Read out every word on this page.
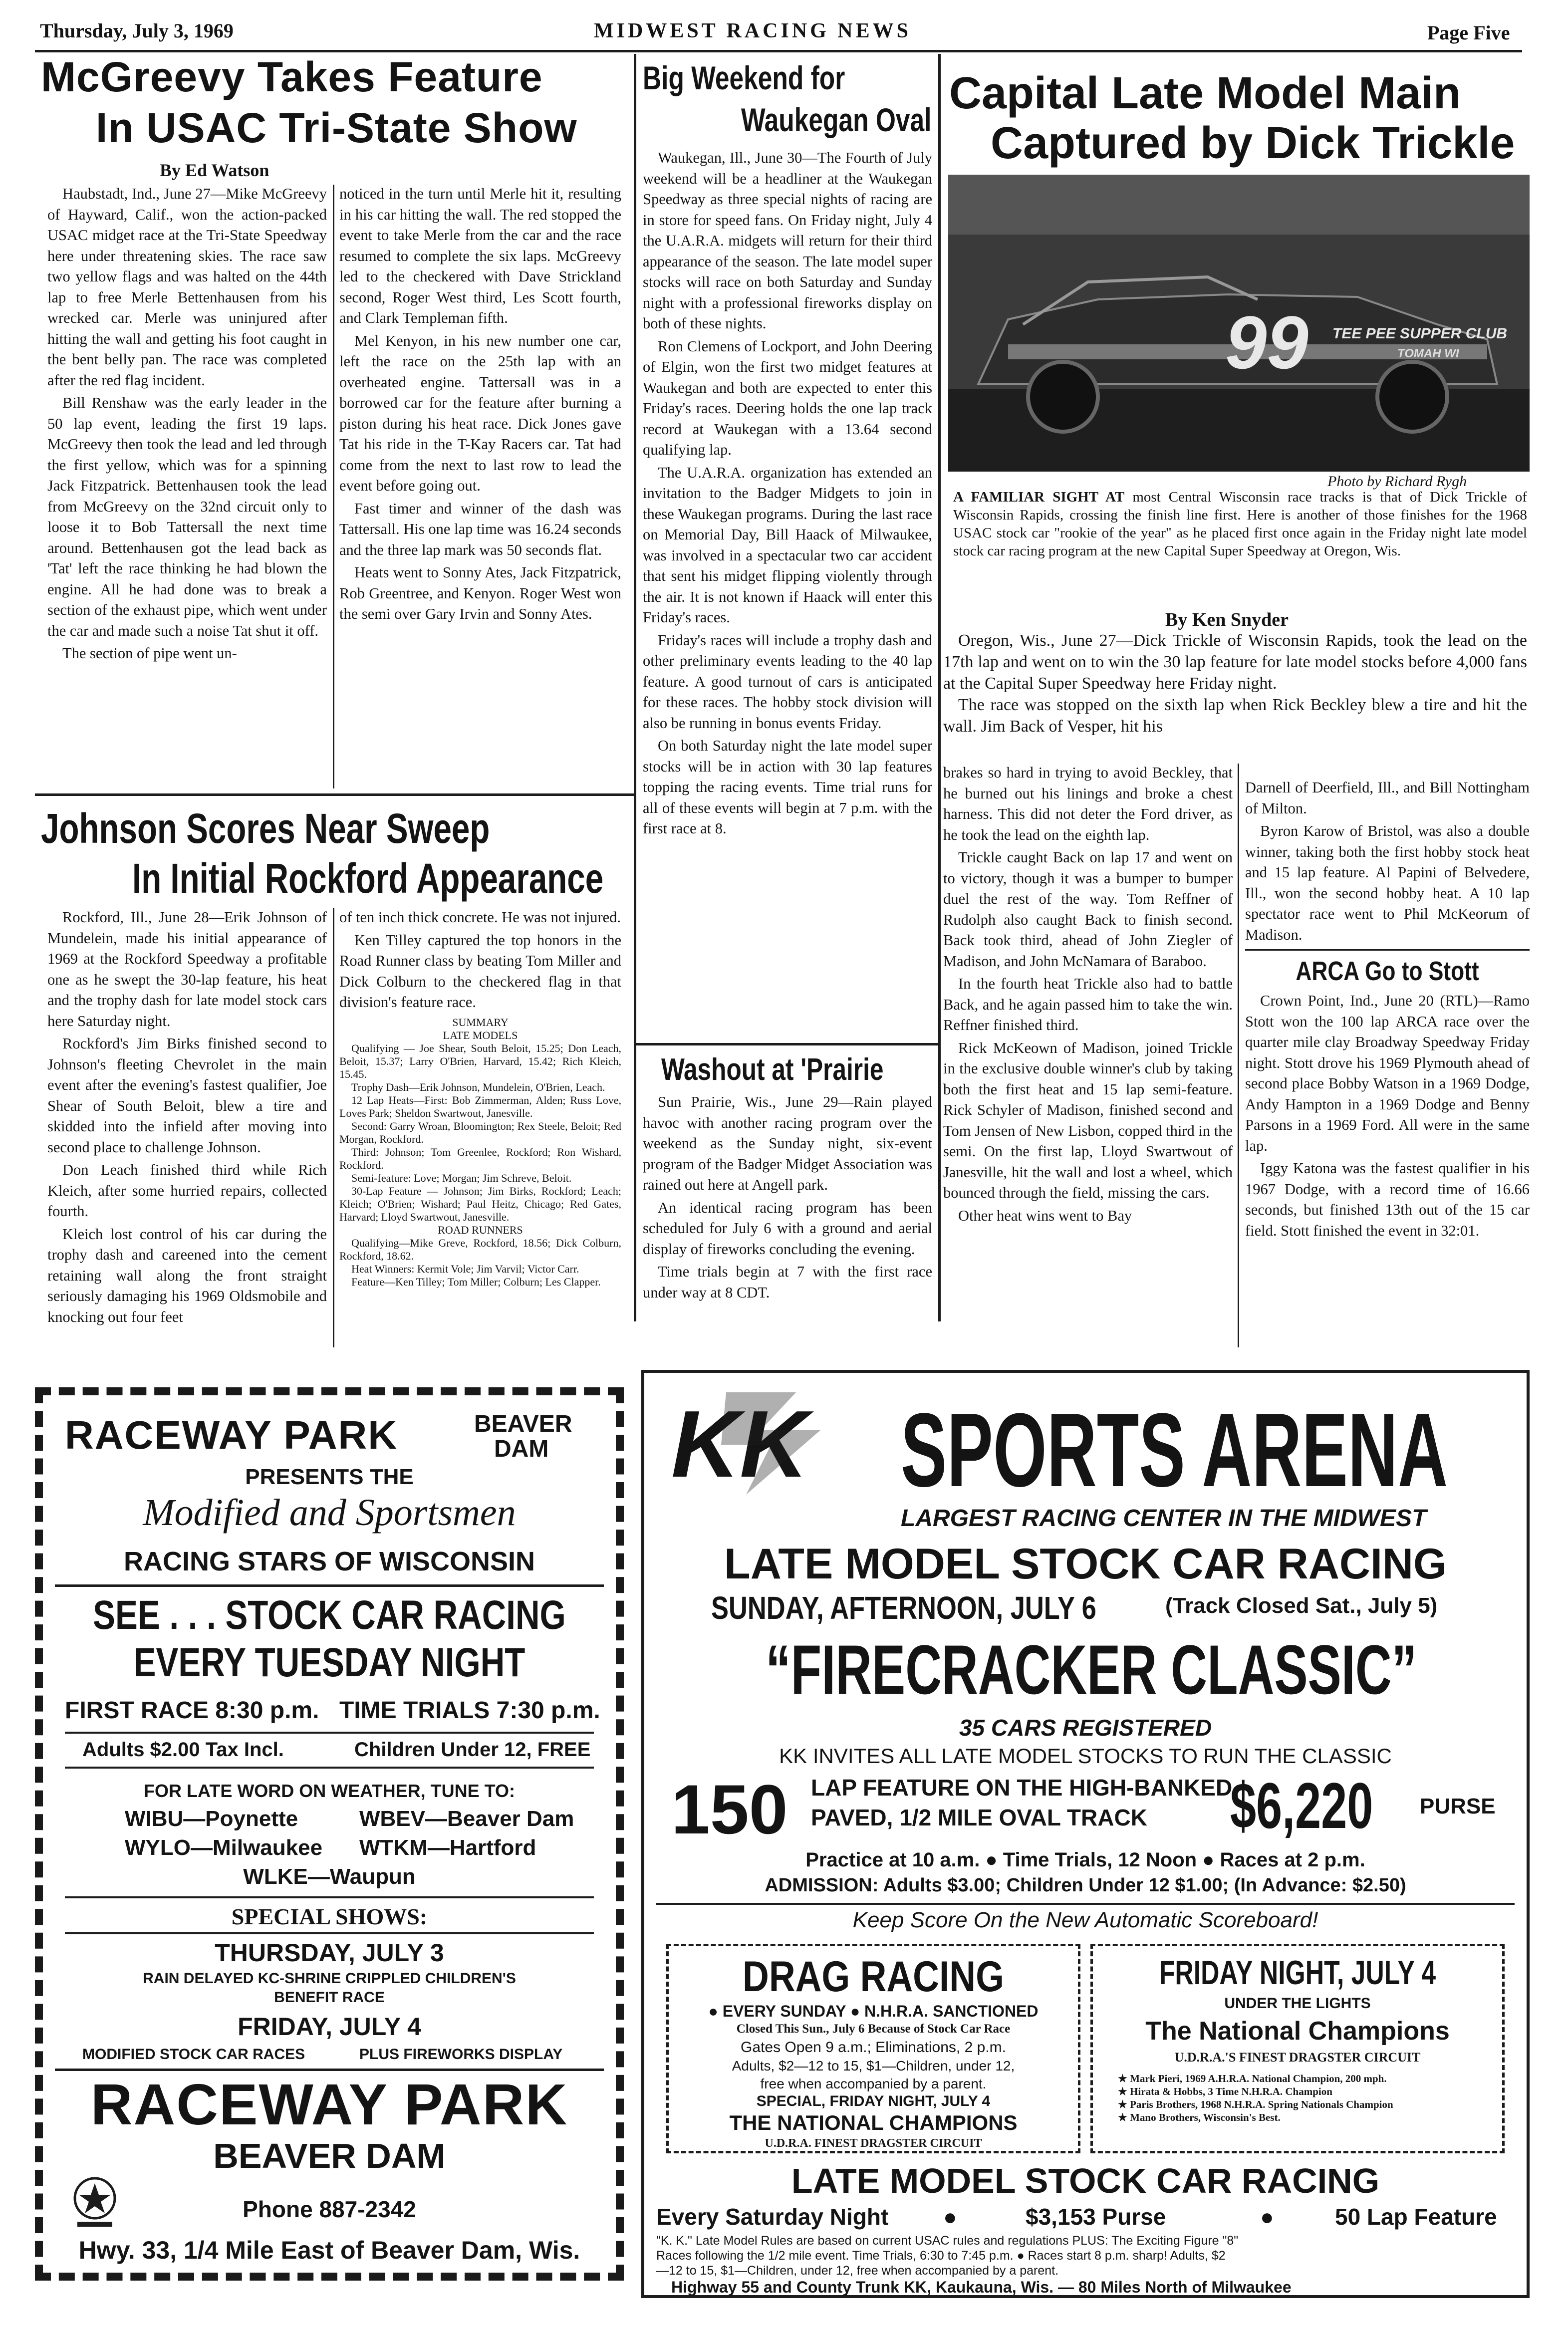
Thursday, July 3, 1969	MIDWEST RACING NEWS	Page Five
McGreevy Takes Feature
In USAC Tri-State Show
By Ed Watson

Haubstadt, Ind., June 27—Mike McGreevy of Hayward, Calif., won the action-packed USAC midget race at the Tri-State Speedway here under threatening skies. The race saw two yellow flags and was halted on the 44th lap to free Merle Bettenhausen from his wrecked car. Merle was uninjured after hitting the wall and getting his foot caught in the bent belly pan. The race was completed after the red flag incident.

Bill Renshaw was the early leader in the 50 lap event, leading the first 19 laps. McGreevy then took the lead and led through the first yellow, which was for a spinning Jack Fitzpatrick. Bettenhausen took the lead from McGreevy on the 32nd circuit only to loose it to Bob Tattersall the next time around. Bettenhausen got the lead back as 'Tat' left the race thinking he had blown the engine. All he had done was to break a section of the exhaust pipe, which went under the car and made such a noise Tat shut it off.

The section of pipe went un-

noticed in the turn until Merle hit it, resulting in his car hitting the wall. The red stopped the event to take Merle from the car and the race resumed to complete the six laps. McGreevy led to the checkered with Dave Strickland second, Roger West third, Les Scott fourth, and Clark Templeman fifth.

Mel Kenyon, in his new number one car, left the race on the 25th lap with an overheated engine. Tattersall was in a borrowed car for the feature after burning a piston during his heat race. Dick Jones gave Tat his ride in the T-Kay Racers car. Tat had come from the next to last row to lead the event before going out.

Fast timer and winner of the dash was Tattersall. His one lap time was 16.24 seconds and the three lap mark was 50 seconds flat.

Heats went to Sonny Ates, Jack Fitzpatrick, Rob Greentree, and Kenyon. Roger West won the semi over Gary Irvin and Sonny Ates.

Johnson Scores Near Sweep
In Initial Rockford Appearance

Rockford, Ill., June 28—Erik Johnson of Mundelein, made his initial appearance of 1969 at the Rockford Speedway a profitable one as he swept the 30-lap feature, his heat and the trophy dash for late model stock cars here Saturday night.

Rockford's Jim Birks finished second to Johnson's fleeting Chevrolet in the main event after the evening's fastest qualifier, Joe Shear of South Beloit, blew a tire and skidded into the infield after moving into second place to challenge Johnson.

Don Leach finished third while Rich Kleich, after some hurried repairs, collected fourth.

Kleich lost control of his car during the trophy dash and careened into the cement retaining wall along the front straight seriously damaging his 1969 Oldsmobile and knocking out four feet

of ten inch thick concrete. He was not injured.

Ken Tilley captured the top honors in the Road Runner class by beating Tom Miller and Dick Colburn to the checkered flag in that division's feature race.

SUMMARY
LATE MODELS
Qualifying — Joe Shear, South Beloit, 15.25; Don Leach, Beloit, 15.37; Larry O'Brien, Harvard, 15.42; Rich Kleich, 15.45.
Trophy Dash—Erik Johnson, Mundelein, O'Brien, Leach.
12 Lap Heats—First: Bob Zimmerman, Alden; Russ Love, Loves Park; Sheldon Swartwout, Janesville.
Second: Garry Wroan, Bloomington; Rex Steele, Beloit; Red Morgan, Rockford.
Third: Johnson; Tom Greenlee, Rockford; Ron Wishard, Rockford.
Semi-feature: Love; Morgan; Jim Schreve, Beloit.
30-Lap Feature — Johnson; Jim Birks, Rockford; Leach; Kleich; O'Brien; Wishard; Paul Heitz, Chicago; Red Gates, Harvard; Lloyd Swartwout, Janesville.
ROAD RUNNERS
Qualifying—Mike Greve, Rockford, 18.56; Dick Colburn, Rockford, 18.62.
Heat Winners: Kermit Vole; Jim Varvil; Victor Carr.
Feature—Ken Tilley; Tom Miller; Colburn; Les Clapper.
Big Weekend for
Waukegan Oval

Waukegan, Ill., June 30—The Fourth of July weekend will be a headliner at the Waukegan Speedway as three special nights of racing are in store for speed fans. On Friday night, July 4 the U.A.R.A. midgets will return for their third appearance of the season. The late model super stocks will race on both Saturday and Sunday night with a professional fireworks display on both of these nights.

Ron Clemens of Lockport, and John Deering of Elgin, won the first two midget features at Waukegan and both are expected to enter this Friday's races. Deering holds the one lap track record at Waukegan with a 13.64 second qualifying lap.

The U.A.R.A. organization has extended an invitation to the Badger Midgets to join in these Waukegan programs. During the last race on Memorial Day, Bill Haack of Milwaukee, was involved in a spectacular two car accident that sent his midget flipping violently through the air. It is not known if Haack will enter this Friday's races.

Friday's races will include a trophy dash and other preliminary events leading to the 40 lap feature. A good turnout of cars is anticipated for these races. The hobby stock division will also be running in bonus events Friday.

On both Saturday night the late model super stocks will be in action with 30 lap features topping the racing events. Time trial runs for all of these events will begin at 7 p.m. with the first race at 8.

Washout at 'Prairie

Sun Prairie, Wis., June 29—Rain played havoc with another racing program over the weekend as the Sunday night, six-event program of the Badger Midget Association was rained out here at Angell park.

An identical racing program has been scheduled for July 6 with a ground and aerial display of fireworks concluding the evening.

Time trials begin at 7 with the first race under way at 8 CDT.

Capital Late Model Main
Captured by Dick Trickle
99 TEE PEE SUPPER CLUB
TOMAH WI
Photo by Richard Rygh
A FAMILIAR SIGHT AT most Central Wisconsin race tracks is that of Dick Trickle of Wisconsin Rapids, crossing the finish line first. Here is another of those finishes for the 1968 USAC stock car "rookie of the year" as he placed first once again in the Friday night late model stock car racing program at the new Capital Super Speedway at Oregon, Wis.
By Ken Snyder

Oregon, Wis., June 27—Dick Trickle of Wisconsin Rapids, took the lead on the 17th lap and went on to win the 30 lap feature for late model stocks before 4,000 fans at the Capital Super Speedway here Friday night.

The race was stopped on the sixth lap when Rick Beckley blew a tire and hit the wall. Jim Back of Vesper, hit his

brakes so hard in trying to avoid Beckley, that he burned out his linings and broke a chest harness. This did not deter the Ford driver, as he took the lead on the eighth lap.

Trickle caught Back on lap 17 and went on to victory, though it was a bumper to bumper duel the rest of the way. Tom Reffner of Rudolph also caught Back to finish second. Back took third, ahead of John Ziegler of Madison, and John McNamara of Baraboo.

In the fourth heat Trickle also had to battle Back, and he again passed him to take the win. Reffner finished third.

Rick McKeown of Madison, joined Trickle in the exclusive double winner's club by taking both the first heat and 15 lap semi-feature. Rick Schyler of Madison, finished second and Tom Jensen of New Lisbon, copped third in the semi. On the first lap, Lloyd Swartwout of Janesville, hit the wall and lost a wheel, which bounced through the field, missing the cars.

Other heat wins went to Bay

Darnell of Deerfield, Ill., and Bill Nottingham of Milton.

Byron Karow of Bristol, was also a double winner, taking both the first hobby stock heat and 15 lap feature. Al Papini of Belvedere, Ill., won the second hobby heat. A 10 lap spectator race went to Phil McKeorum of Madison.

ARCA Go to Stott

Crown Point, Ind., June 20 (RTL)—Ramo Stott won the 100 lap ARCA race over the quarter mile clay Broadway Speedway Friday night. Stott drove his 1969 Plymouth ahead of second place Bobby Watson in a 1969 Dodge, Andy Hampton in a 1969 Dodge and Benny Parsons in a 1969 Ford. All were in the same lap.

Iggy Katona was the fastest qualifier in his 1967 Dodge, with a record time of 16.66 seconds, but finished 13th out of the 15 car field. Stott finished the event in 32:01.

RACEWAY PARK	BEAVER
DAM
PRESENTS THE
Modified and Sportsmen
RACING STARS OF WISCONSIN
SEE . . . STOCK CAR RACING
EVERY TUESDAY NIGHT
FIRST RACE 8:30 p.m. TIME TRIALS 7:30 p.m.
Adults $2.00 Tax Incl.	Children Under 12, FREE
FOR LATE WORD ON WEATHER, TUNE TO:
WIBU—Poynette	WBEV—Beaver Dam
WYLO—Milwaukee WTKM—Hartford
WLKE—Waupun
SPECIAL SHOWS:
THURSDAY, JULY 3
RAIN DELAYED KC-SHRINE CRIPPLED CHILDREN'S
BENEFIT RACE
FRIDAY, JULY 4
MODIFIED STOCK CAR RACES	PLUS FIREWORKS DISPLAY
RACEWAY PARK
BEAVER DAM
Phone 887-2342
Hwy. 33, 1/4 Mile East of Beaver Dam, Wis.
KK SPORTS ARENA
LARGEST RACING CENTER IN THE MIDWEST
LATE MODEL STOCK CAR RACING
SUNDAY, AFTERNOON, JULY 6	(Track Closed Sat., July 5)
“FIRECRACKER CLASSIC”
35 CARS REGISTERED
KK INVITES ALL LATE MODEL STOCKS TO RUN THE CLASSIC
150 LAP FEATURE ON THE HIGH-BANKED,
PAVED, 1/2 MILE OVAL TRACK $6,220 PURSE
Practice at 10 a.m. ● Time Trials, 12 Noon ● Races at 2 p.m.
ADMISSION: Adults $3.00; Children Under 12 $1.00; (In Advance: $2.50)
Keep Score On the New Automatic Scoreboard!
DRAG RACING
● EVERY SUNDAY ● N.H.R.A. SANCTIONED
Closed This Sun., July 6 Because of Stock Car Race
Gates Open 9 a.m.; Eliminations, 2 p.m.
Adults, $2—12 to 15, $1—Children, under 12,
free when accompanied by a parent.
SPECIAL, FRIDAY NIGHT, JULY 4
THE NATIONAL CHAMPIONS
U.D.R.A. FINEST DRAGSTER CIRCUIT
FRIDAY NIGHT, JULY 4
UNDER THE LIGHTS
The National Champions
U.D.R.A.'S FINEST DRAGSTER CIRCUIT
★ Mark Pieri, 1969 A.H.R.A. National Champion, 200 mph.
★ Hirata & Hobbs, 3 Time N.H.R.A. Champion
★ Paris Brothers, 1968 N.H.R.A. Spring Nationals Champion
★ Mano Brothers, Wisconsin's Best.
LATE MODEL STOCK CAR RACING
Every Saturday Night ●	$3,153 Purse	●	50 Lap Feature
"K. K." Late Model Rules are based on current USAC rules and regulations PLUS: The Exciting Figure "8"
Races following the 1/2 mile event. Time Trials, 6:30 to 7:45 p.m. ● Races start 8 p.m. sharp! Adults, $2
—12 to 15, $1—Children, under 12, free when accompanied by a parent.
Highway 55 and County Trunk KK, Kaukauna, Wis. — 80 Miles North of Milwaukee
